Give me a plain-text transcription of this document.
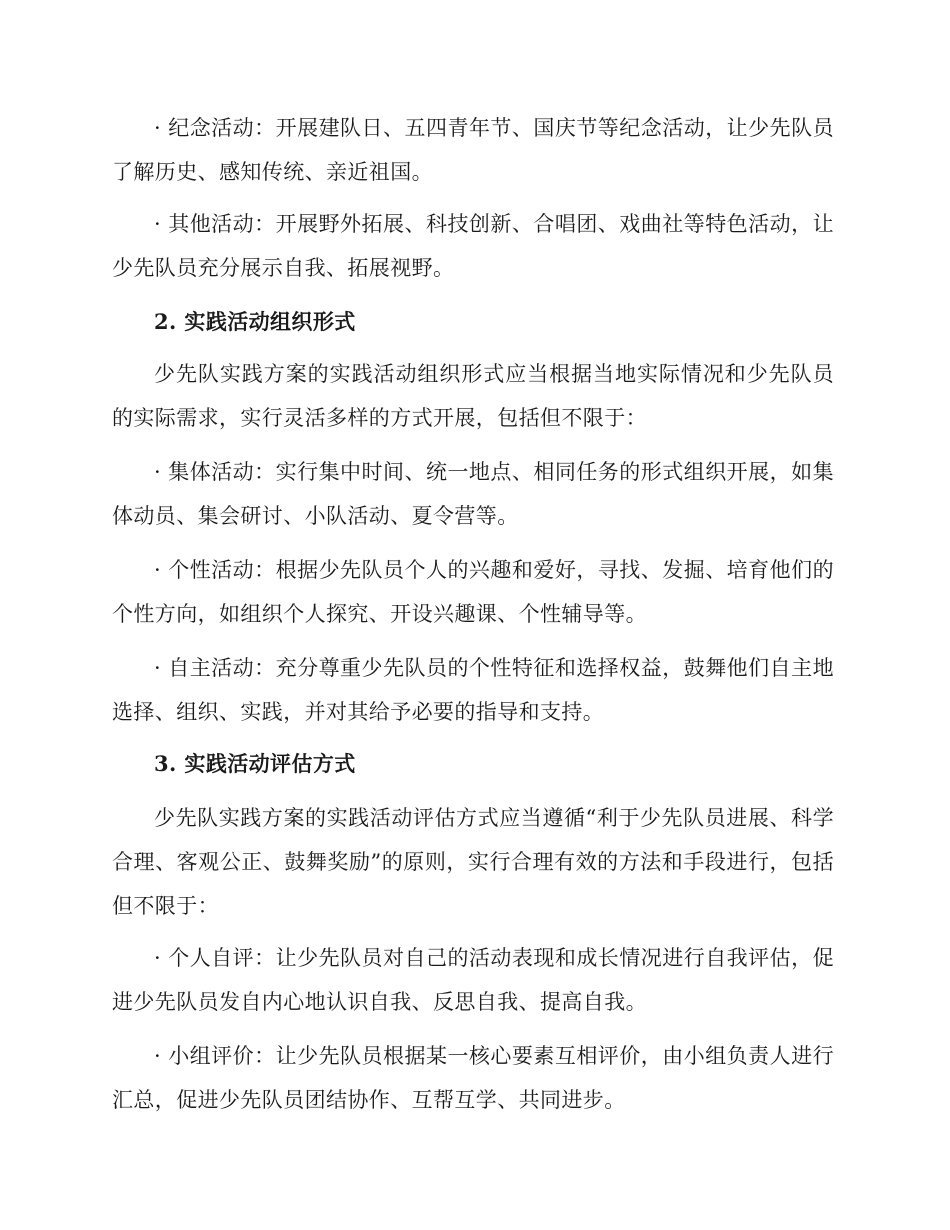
· 纪念活动：开展建队日、五四青年节、国庆节等纪念活动，让少先队员了解历史、感知传统、亲近祖国。

· 其他活动：开展野外拓展、科技创新、合唱团、戏曲社等特色活动，让少先队员充分展示自我、拓展视野。

2. 实践活动组织形式

少先队实践方案的实践活动组织形式应当根据当地实际情况和少先队员的实际需求，实行灵活多样的方式开展，包括但不限于：

· 集体活动：实行集中时间、统一地点、相同任务的形式组织开展，如集体动员、集会研讨、小队活动、夏令营等。

· 个性活动：根据少先队员个人的兴趣和爱好，寻找、发掘、培育他们的个性方向，如组织个人探究、开设兴趣课、个性辅导等。

· 自主活动：充分尊重少先队员的个性特征和选择权益，鼓舞他们自主地选择、组织、实践，并对其给予必要的指导和支持。

3. 实践活动评估方式

少先队实践方案的实践活动评估方式应当遵循“利于少先队员进展、科学合理、客观公正、鼓舞奖励”的原则，实行合理有效的方法和手段进行，包括但不限于：

· 个人自评：让少先队员对自己的活动表现和成长情况进行自我评估，促进少先队员发自内心地认识自我、反思自我、提高自我。

· 小组评价：让少先队员根据某一核心要素互相评价，由小组负责人进行汇总，促进少先队员团结协作、互帮互学、共同进步。
